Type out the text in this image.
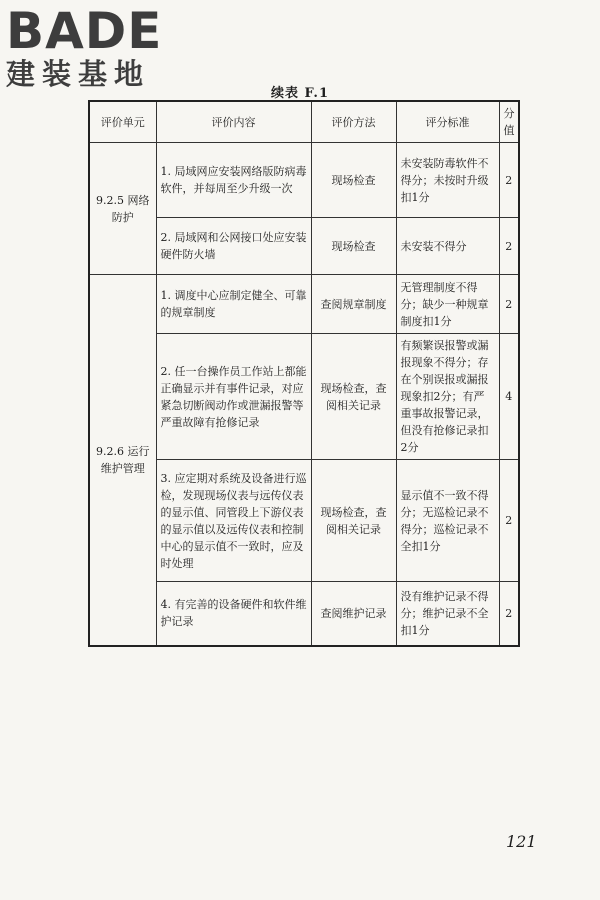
BADE
建装基地
续表 F.1
评价单元	评价内容	评价方法	评分标准	分值
9.2.5 网络防护	1. 局域网应安装网络版防病毒软件，并每周至少升级一次	现场检查	未安装防毒软件不得分；未按时升级扣1分	2
	2. 局域网和公网接口处应安装硬件防火墙	现场检查	未安装不得分	2
9.2.6 运行维护管理	1. 调度中心应制定健全、可靠的规章制度	查阅规章制度	无管理制度不得分；缺少一种规章制度扣1分	2
	2. 任一台操作员工作站上都能正确显示并有事件记录，对应紧急切断阀动作或泄漏报警等严重故障有抢修记录	现场检查，查阅相关记录	有频繁误报警或漏报现象不得分；存在个别误报或漏报现象扣2分；有严重事故报警记录，但没有抢修记录扣2分	4
	3. 应定期对系统及设备进行巡检，发现现场仪表与远传仪表的显示值、同管段上下游仪表的显示值以及远传仪表和控制中心的显示值不一致时，应及时处理	现场检查，查阅相关记录	显示值不一致不得分；无巡检记录不得分；巡检记录不全扣1分	2
	4. 有完善的设备硬件和软件维护记录	查阅维护记录	没有维护记录不得分；维护记录不全扣1分	2
121
